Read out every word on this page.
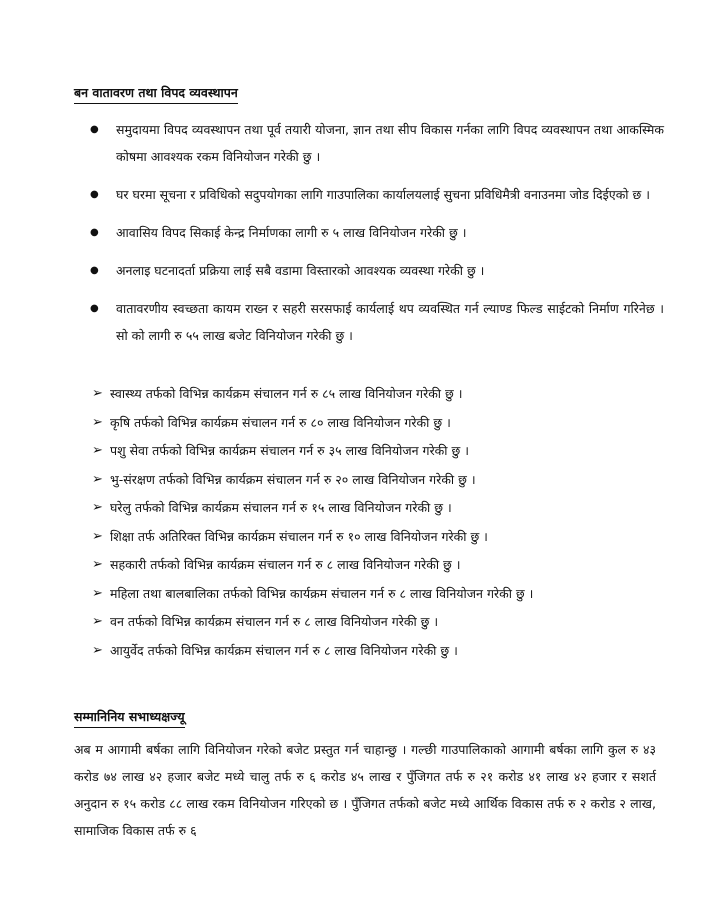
बन वातावरण तथा विपद व्यवस्थापन
● समुदायमा विपद व्यवस्थापन तथा पूर्व तयारी योजना, ज्ञान तथा सीप विकास गर्नका लागि विपद व्यवस्थापन तथा आकस्मिक कोषमा आवश्यक रकम विनियोजन गरेकी छु ।
● घर घरमा सूचना र प्रविधिको सदुपयोगका लागि गाउपालिका कार्यालयलाई सुचना प्रविधिमैत्री वनाउनमा जोड दिईएको छ ।
● आवासिय विपद सिकाई केन्द्र निर्माणका लागी रु ५ लाख विनियोजन गरेकी छु ।
● अनलाइ घटनादर्ता प्रक्रिया लाई सबै वडामा विस्तारको आवश्यक व्यवस्था गरेकी छु ।
● वातावरणीय स्वच्छता कायम राख्न र सहरी सरसफाई कार्यलाई थप व्यवस्थित गर्न ल्याण्ड फिल्ड साईटको निर्माण गरिनेछ । सो को लागी रु ५५ लाख बजेट विनियोजन गरेकी छु ।
➢ स्वास्थ्य तर्फको विभिन्न कार्यक्रम संचालन गर्न रु ८५ लाख विनियोजन गरेकी छु ।
➢ कृषि तर्फको विभिन्न कार्यक्रम संचालन गर्न रु ८० लाख विनियोजन गरेकी छु ।
➢ पशु सेवा तर्फको विभिन्न कार्यक्रम संचालन गर्न रु ३५ लाख विनियोजन गरेकी छु ।
➢ भु-संरक्षण तर्फको विभिन्न कार्यक्रम संचालन गर्न रु २० लाख विनियोजन गरेकी छु ।
➢ घरेलु तर्फको विभिन्न कार्यक्रम संचालन गर्न रु १५ लाख विनियोजन गरेकी छु ।
➢ शिक्षा तर्फ अतिरिक्त विभिन्न कार्यक्रम संचालन गर्न रु १० लाख विनियोजन गरेकी छु ।
➢ सहकारी तर्फको विभिन्न कार्यक्रम संचालन गर्न रु ८ लाख विनियोजन गरेकी छु ।
➢ महिला तथा बालबालिका तर्फको विभिन्न कार्यक्रम संचालन गर्न रु ८ लाख विनियोजन गरेकी छु ।
➢ वन तर्फको विभिन्न कार्यक्रम संचालन गर्न रु ८ लाख विनियोजन गरेकी छु ।
➢ आयुर्वेद तर्फको विभिन्न कार्यक्रम संचालन गर्न रु ८ लाख विनियोजन गरेकी छु ।
सम्मानिनिय सभाध्यक्षज्यू

अब म आगामी बर्षका लागि विनियोजन गरेको बजेट प्रस्तुत गर्न चाहान्छु । गल्छी गाउपालिकाको आगामी बर्षका लागि कुल रु ४३ करोड ७४ लाख ४२ हजार बजेट मध्ये चालु तर्फ रु ६ करोड ४५ लाख र पुँजिगत तर्फ रु २१ करोड ४१ लाख ४२ हजार र सशर्त अनुदान रु १५ करोड ८८ लाख रकम विनियोजन गरिएको छ । पुँजिगत तर्फको बजेट मध्ये आर्थिक विकास तर्फ रु २ करोड २ लाख, सामाजिक विकास तर्फ रु ६
